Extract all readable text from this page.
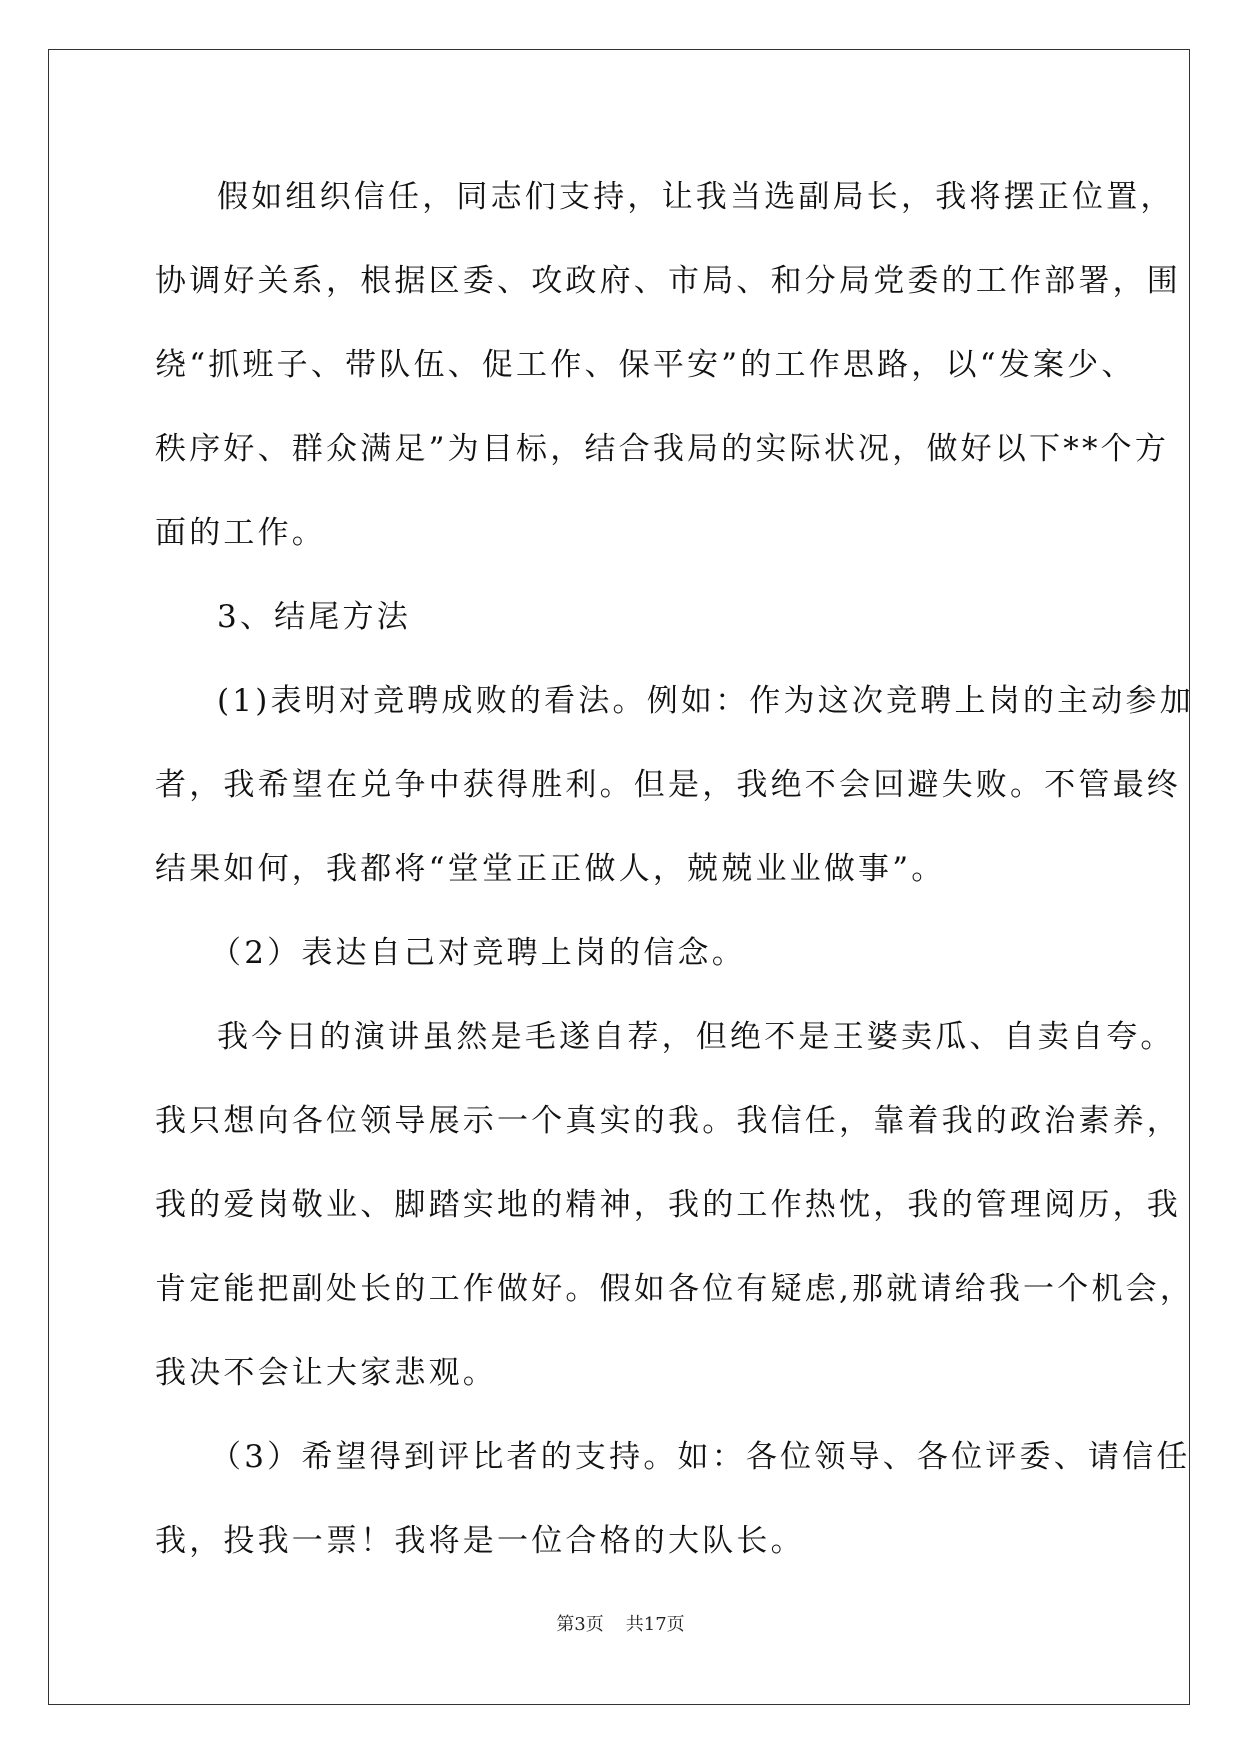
假如组织信任，同志们支持，让我当选副局长，我将摆正位置，
协调好关系，根据区委、攻政府、市局、和分局党委的工作部署，围
绕“抓班子、带队伍、促工作、保平安”的工作思路，以“发案少、
秩序好、群众满足”为目标，结合我局的实际状况，做好以下**个方
面的工作。
3、结尾方法
(1)表明对竞聘成败的看法。例如：作为这次竞聘上岗的主动参加
者，我希望在兑争中获得胜利。但是，我绝不会回避失败。不管最终
结果如何，我都将“堂堂正正做人，兢兢业业做事”。
（2）表达自己对竞聘上岗的信念。
我今日的演讲虽然是毛遂自荐，但绝不是王婆卖瓜、自卖自夸。
我只想向各位领导展示一个真实的我。我信任，靠着我的政治素养，
我的爱岗敬业、脚踏实地的精神，我的工作热忱，我的管理阅历，我
肯定能把副处长的工作做好。假如各位有疑虑,那就请给我一个机会，
我决不会让大家悲观。
（3）希望得到评比者的支持。如：各位领导、各位评委、请信任
我，投我一票！我将是一位合格的大队长。
第3页 共17页
